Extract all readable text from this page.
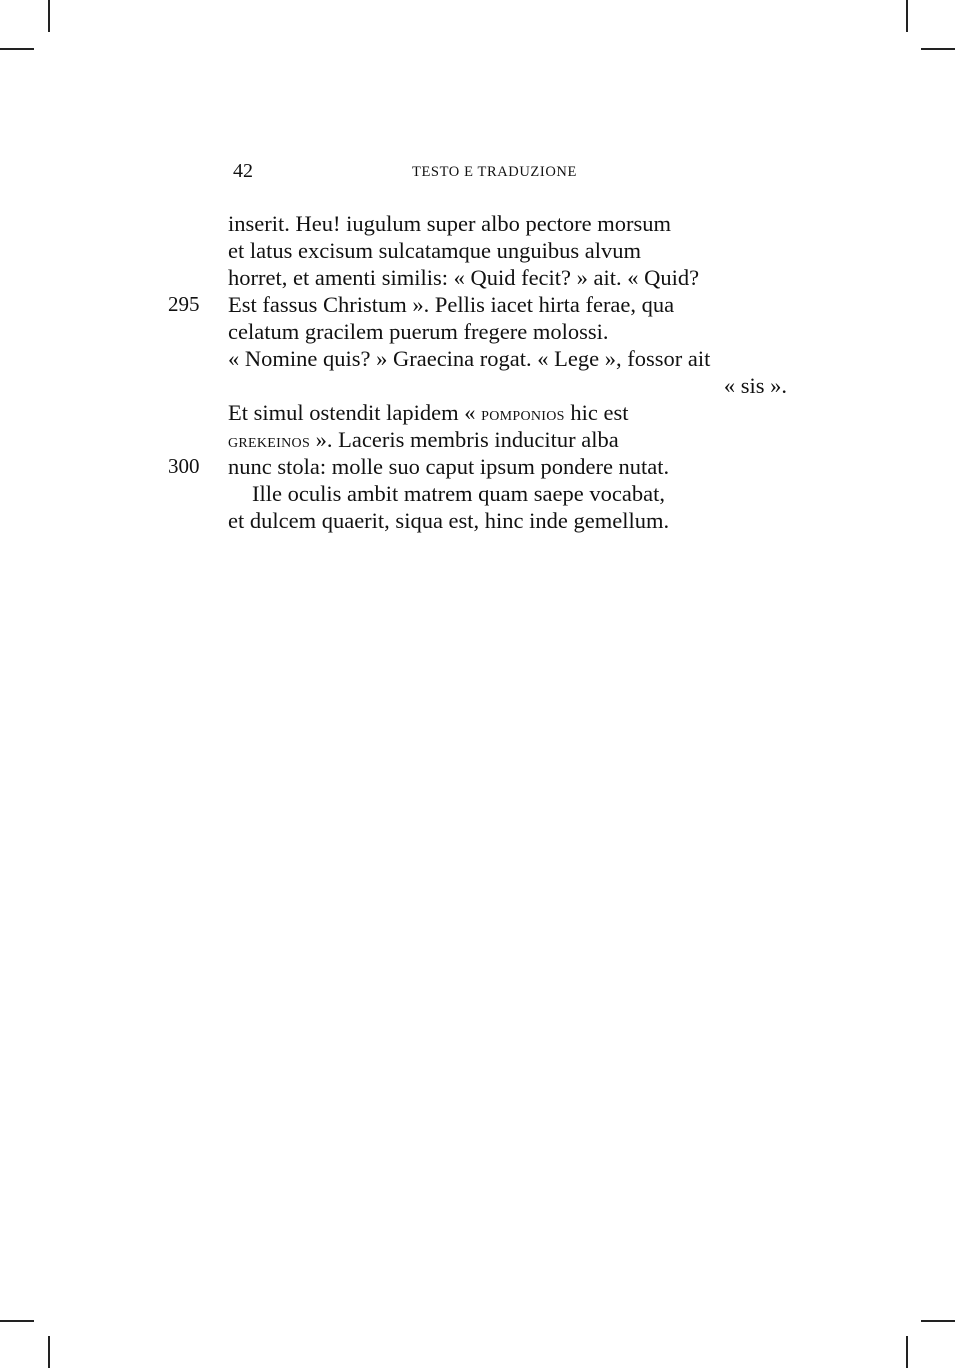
42	TESTO E TRADUZIONE
inserit. Heu! iugulum super albo pectore morsum
et latus excisum sulcatamque unguibus alvum
horret, et amenti similis: « Quid fecit? » ait. « Quid?
295 Est fassus Christum ». Pellis iacet hirta ferae, qua
celatum gracilem puerum fregere molossi.
« Nomine quis? » Graecina rogat. « Lege », fossor ait
« sis ».
Et simul ostendit lapidem « pomponios hic est
grekeinos ». Laceris membris inducitur alba
300 nunc stola: molle suo caput ipsum pondere nutat.
Ille oculis ambit matrem quam saepe vocabat,
et dulcem quaerit, siqua est, hinc inde gemellum.
